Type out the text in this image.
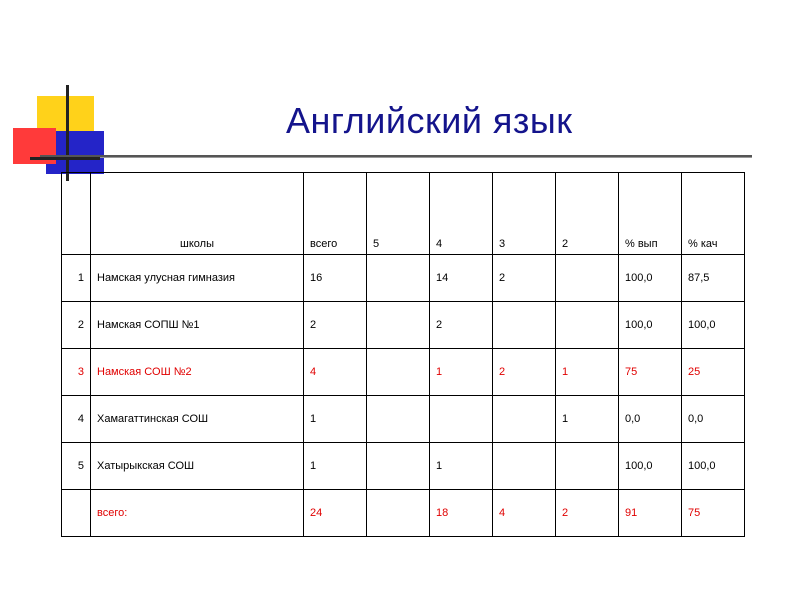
Английский язык
	школы	всего	5	4	3	2	% вып	% кач
1	Намская улусная гимназия	16		14	2		100,0	87,5
2	Намская СОПШ №1	2		2			100,0	100,0
3	Намская СОШ №2	4		1	2	1	75	25
4	Хамагаттинская СОШ	1				1	0,0	0,0
5	Хатырыкская СОШ	1		1			100,0	100,0
	всего:	24		18	4	2	91	75
